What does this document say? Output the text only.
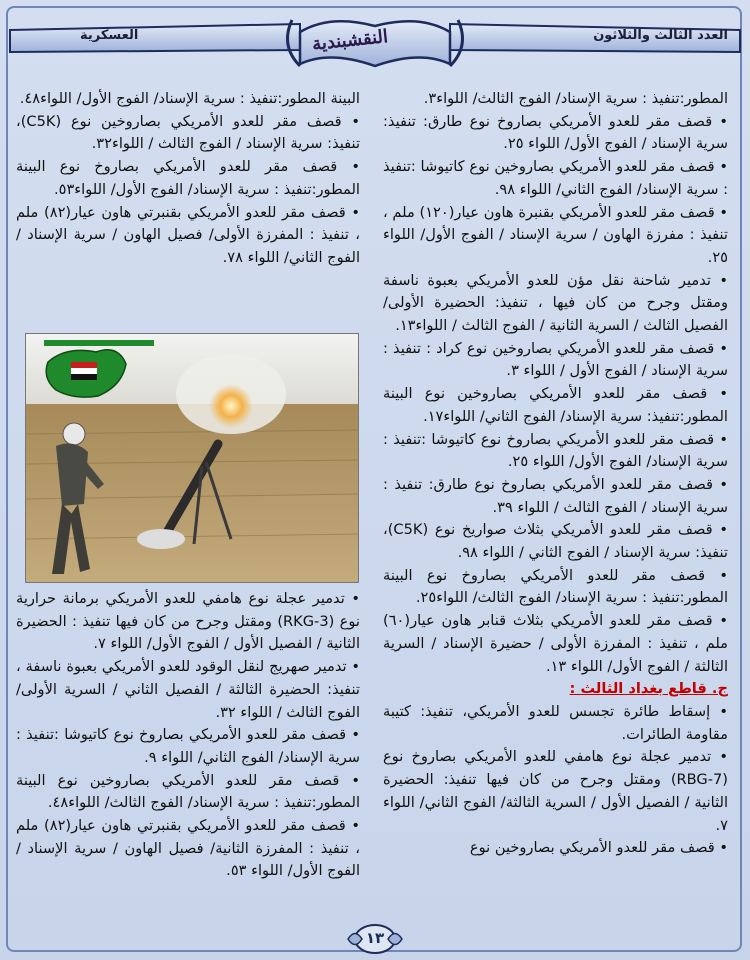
العدد الثالث والثلاثون
النقشبندية
العسكرية

المطور:تنفيذ : سرية الإسناد/ الفوج الثالث/ اللواء٣.

• قصف مقر للعدو الأمريكي بصاروخ نوع طارق: تنفيذ: سرية الإسناد / الفوج الأول/ اللواء ٢٥.

• قصف مقر للعدو الأمريكي بصاروخين نوع كاتيوشا :تنفيذ : سرية الإسناد/ الفوج الثاني/ اللواء ٩٨.

• قصف مقر للعدو الأمريكي بقنبرة هاون عيار(١٢٠) ملم ، تنفيذ : مفرزة الهاون / سرية الإسناد / الفوج الأول/ اللواء ٢٥.

• تدمير شاحنة نقل مؤن للعدو الأمريكي بعبوة ناسفة ومقتل وجرح من كان فيها ، تنفيذ: الحضيرة الأولى/ الفصيل الثالث / السرية الثانية / الفوج الثالث / اللواء١٣.

• قصف مقر للعدو الأمريكي بصاروخين نوع كراد : تنفيذ : سرية الإسناد / الفوج الأول / اللواء ٣.

• قصف مقر للعدو الأمريكي بصاروخين نوع البينة المطور:تنفيذ: سرية الإسناد/ الفوج الثاني/ اللواء١٧.

• قصف مقر للعدو الأمريكي بصاروخ نوع كاتيوشا :تنفيذ : سرية الإسناد/ الفوج الأول/ اللواء ٢٥.

• قصف مقر للعدو الأمريكي بصاروخ نوع طارق: تنفيذ : سرية الإسناد / الفوج الثالث / اللواء ٣٩.

• قصف مقر للعدو الأمريكي بثلاث صواريخ نوع (C5K)، تنفيذ: سرية الإسناد / الفوج الثاني / اللواء ٩٨.

• قصف مقر للعدو الأمريكي بصاروخ نوع البينة المطور:تنفيذ : سرية الإسناد/ الفوج الثالث/ اللواء٢٥.

• قصف مقر للعدو الأمريكي بثلاث قنابر هاون عيار(٦٠) ملم ، تنفيذ : المفرزة الأولى / حضيرة الإسناد / السرية الثالثة / الفوج الأول/ اللواء ١٣.

ج. قاطع بغداد الثالث :

• إسقاط طائرة تجسس للعدو الأمريكي، تنفيذ: كتيبة مقاومة الطائرات.

• تدمير عجلة نوع هامفي للعدو الأمريكي بصاروخ نوع (RBG-7) ومقتل وجرح من كان فيها تنفيذ: الحضيرة الثانية / الفصيل الأول / السرية الثالثة/ الفوج الثاني/ اللواء ٧.

• قصف مقر للعدو الأمريكي بصاروخين نوع

البينة المطور:تنفيذ : سرية الإسناد/ الفوج الأول/ اللواء٤٨.

• قصف مقر للعدو الأمريكي بصاروخين نوع (C5K)، تنفيذ: سرية الإسناد / الفوج الثالث / اللواء٣٢.

• قصف مقر للعدو الأمريكي بصاروخ نوع البينة المطور:تنفيذ : سرية الإسناد/ الفوج الأول/ اللواء٥٣.

• قصف مقر للعدو الأمريكي بقنبرتي هاون عيار(٨٢) ملم ، تنفيذ : المفرزة الأولى/ فصيل الهاون / سرية الإسناد / الفوج الثاني/ اللواء ٧٨.

• تدمير عجلة نوع هامفي للعدو الأمريكي برمانة حرارية نوع (RKG-3) ومقتل وجرح من كان فيها تنفيذ : الحضيرة الثانية / الفصيل الأول / الفوج الأول/ اللواء ٧.

• تدمير صهريج لنقل الوقود للعدو الأمريكي بعبوة ناسفة ، تنفيذ: الحضيرة الثالثة / الفصيل الثاني / السرية الأولى/ الفوج الثالث / اللواء ٣٢.

• قصف مقر للعدو الأمريكي بصاروخ نوع كاتيوشا :تنفيذ : سرية الإسناد/ الفوج الثاني/ اللواء ٩.

• قصف مقر للعدو الأمريكي بصاروخين نوع البينة المطور:تنفيذ : سرية الإسناد/ الفوج الثالث/ اللواء٤٨.

• قصف مقر للعدو الأمريكي بقنبرتي هاون عيار(٨٢) ملم ، تنفيذ : المفرزة الثانية/ فصيل الهاون / سرية الإسناد / الفوج الأول/ اللواء ٥٣.

١٣
